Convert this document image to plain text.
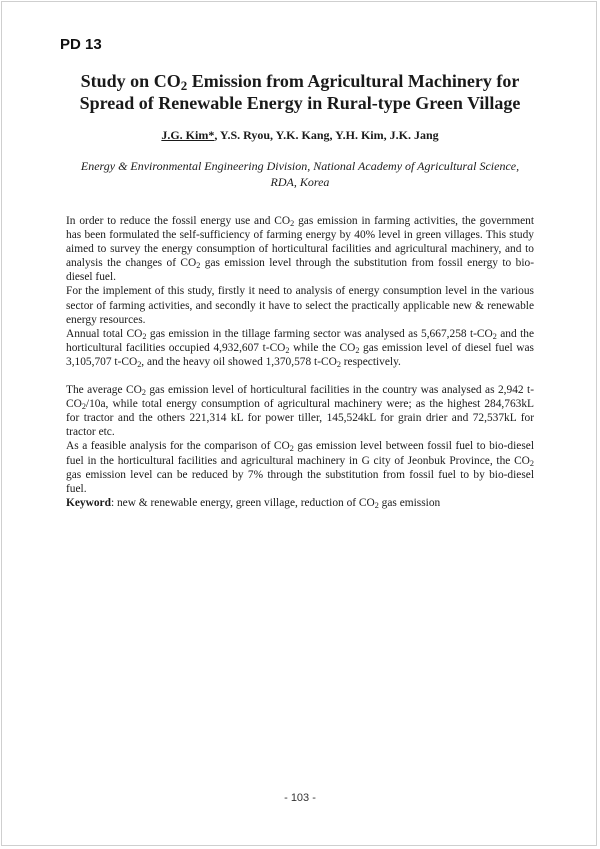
PD 13
Study on $CO_2$ Emission from Agricultural Machinery for
Spread of Renewable Energy in Rural-type Green Village
J.G. Kim*, Y.S. Ryou, Y.K. Kang, Y.H. Kim, J.K. Jang
Energy & Environmental Engineering Division, National Academy of Agricultural Science,
RDA, Korea

In order to reduce the fossil energy use and $CO_2$ gas emission in farming activities, the government has been formulated the self-sufficiency of farming energy by 40% level in green villages. This study aimed to survey the energy consumption of horticultural facilities and agricultural machinery, and to analysis the changes of $CO_2$ gas emission level through the substitution from fossil energy to bio-diesel fuel.

For the implement of this study, firstly it need to analysis of energy consumption level in the various sector of farming activities, and secondly it have to select the practically applicable new & renewable energy resources.

Annual total $CO_2$ gas emission in the tillage farming sector was analysed as 5,667,258 $t-CO_2$ and the horticultural facilities occupied 4,932,607 $t-CO_2$ while the $CO_2$ gas emission level of diesel fuel was 3,105,707 $t-CO_2$, and the heavy oil showed 1,370,578 $t-CO_2$ respectively.

The average $CO_2$ gas emission level of horticultural facilities in the country was analysed as 2,942 $t-CO_2/10a$, while total energy consumption of agricultural machinery were; as the highest 284,763kL for tractor and the others 221,314 kL for power tiller, 145,524kL for grain drier and 72,537kL for tractor etc.

As a feasible analysis for the comparison of $CO_2$ gas emission level between fossil fuel to bio-diesel fuel in the horticultural facilities and agricultural machinery in G city of Jeonbuk Province, the $CO_2$ gas emission level can be reduced by 7% through the substitution from fossil fuel to by bio-diesel fuel.

Keyword: new & renewable energy, green village, reduction of $CO_2$ gas emission

- 103 -
